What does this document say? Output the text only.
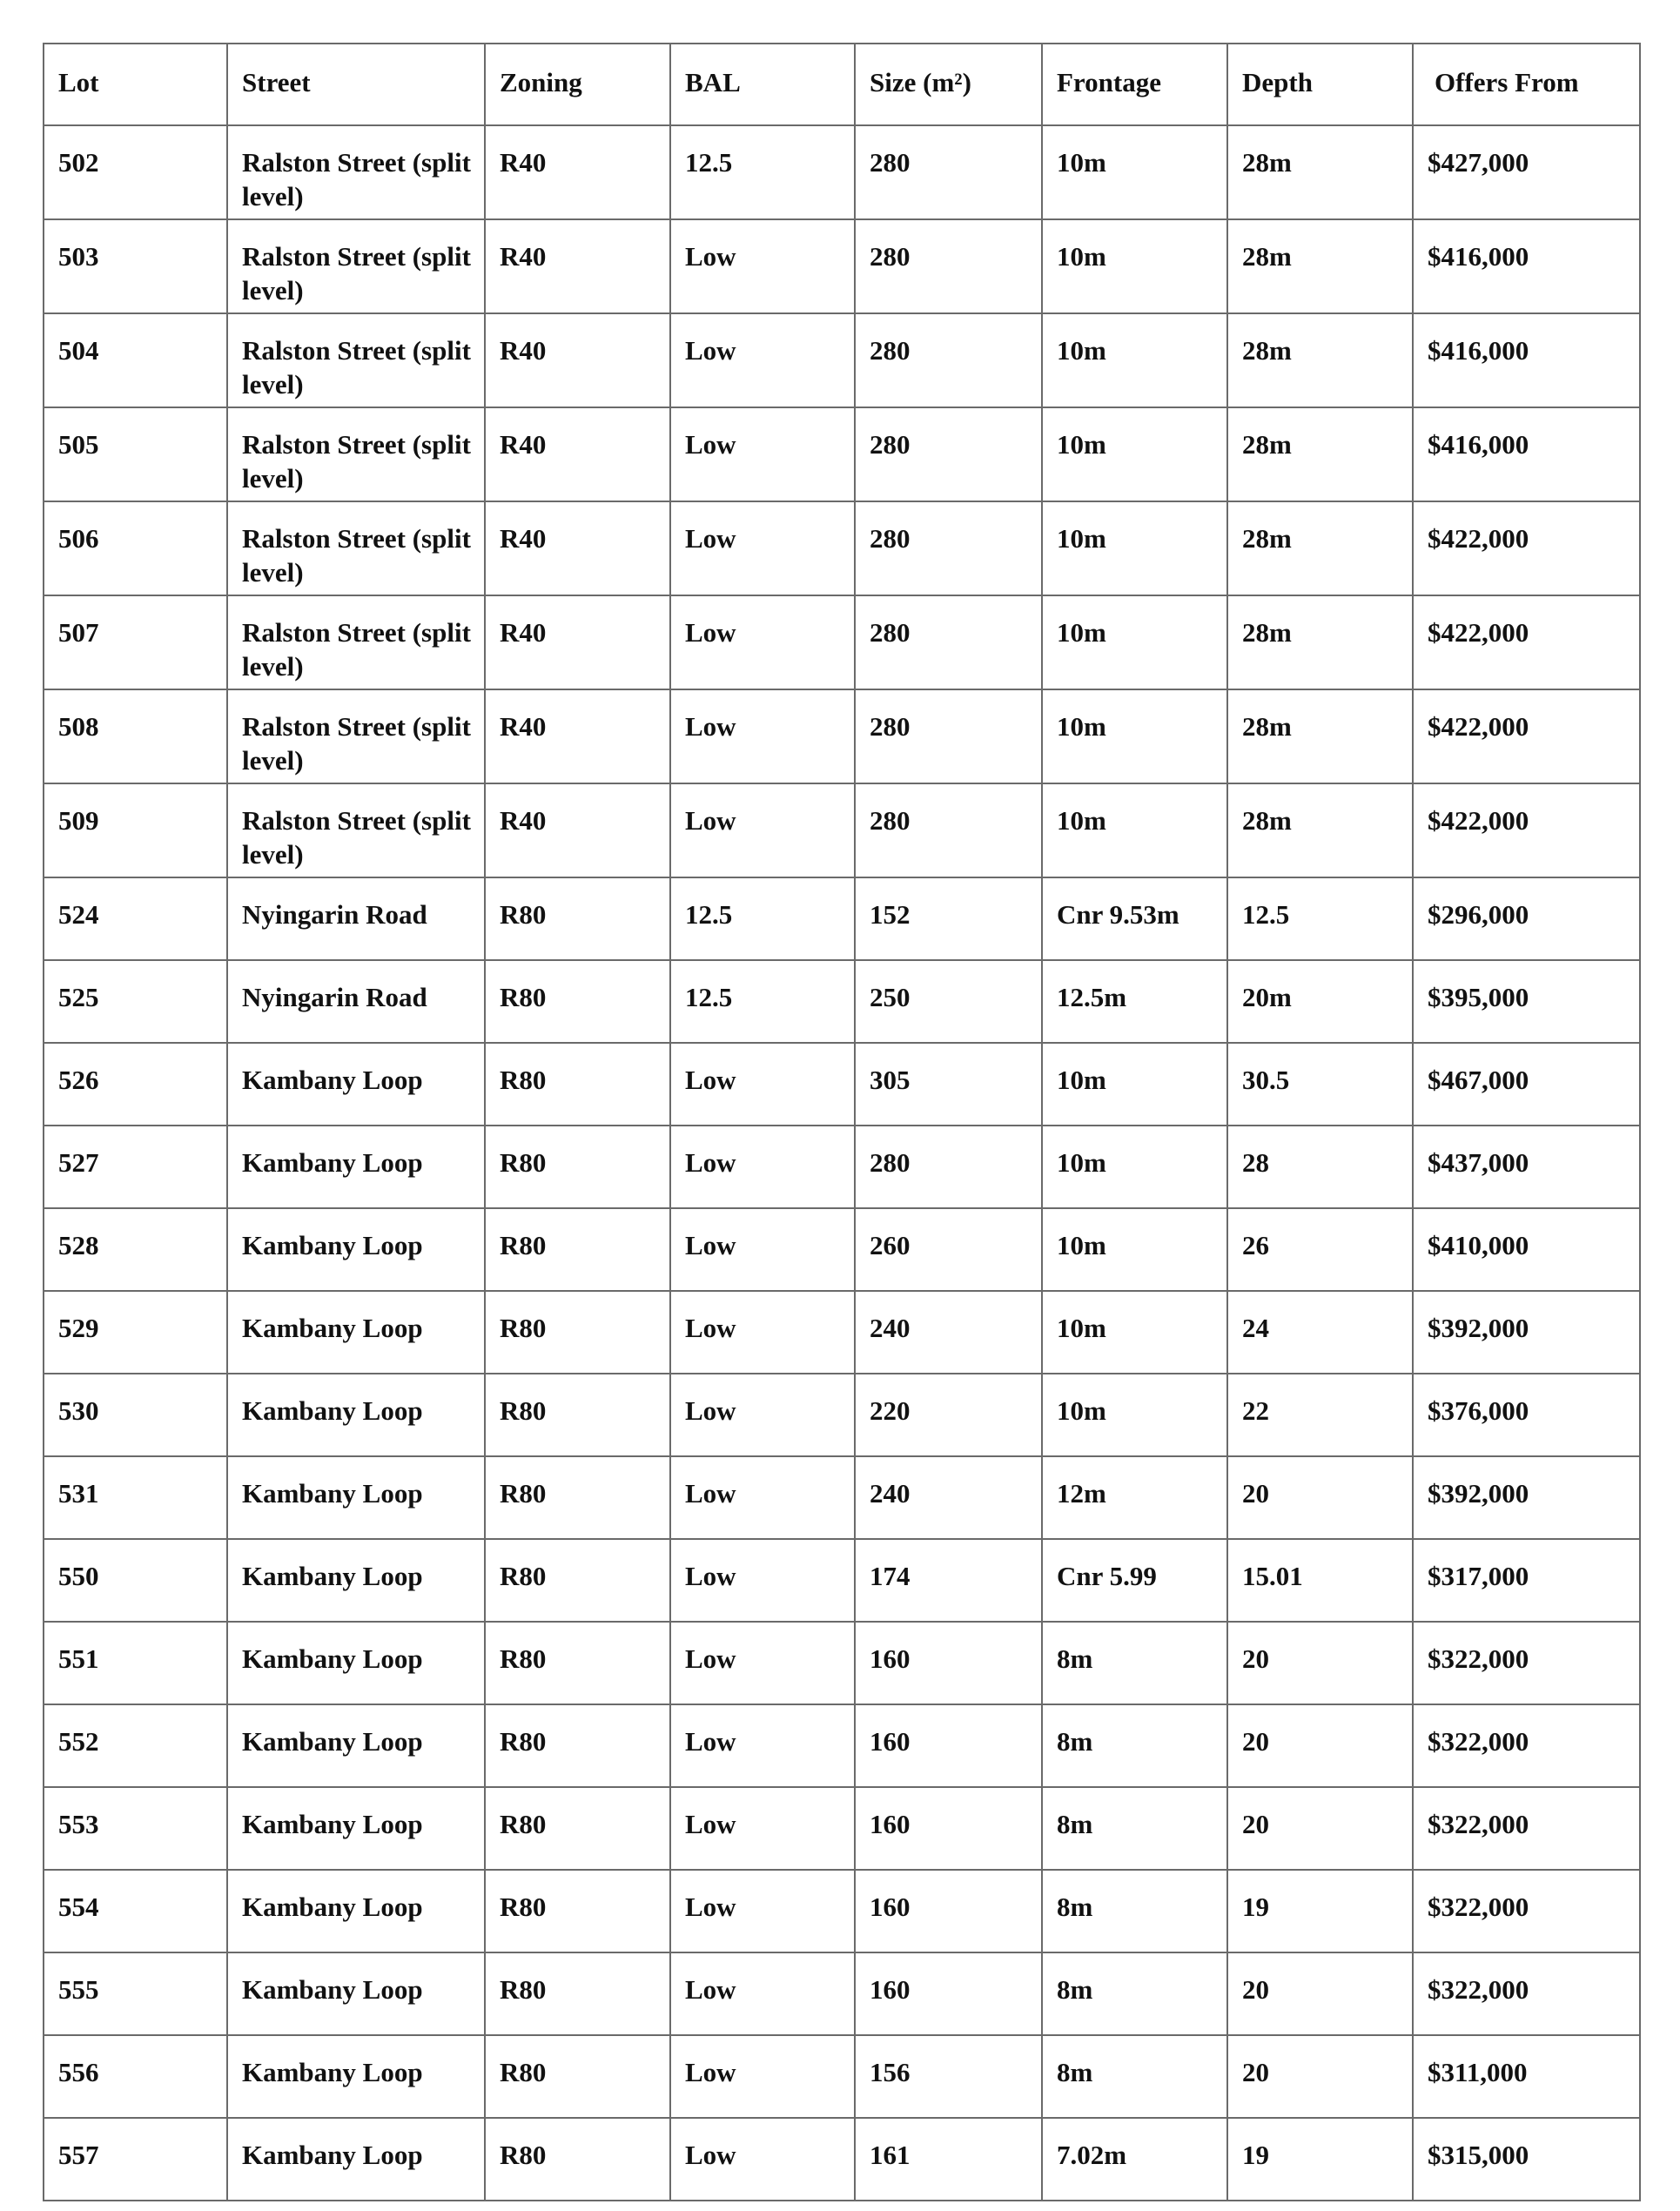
Lot	Street	Zoning	BAL	Size (m²)	Frontage	Depth	Offers From
502	Ralston Street (split level)	R40	12.5	280	10m	28m	$427,000
503	Ralston Street (split level)	R40	Low	280	10m	28m	$416,000
504	Ralston Street (split level)	R40	Low	280	10m	28m	$416,000
505	Ralston Street (split level)	R40	Low	280	10m	28m	$416,000
506	Ralston Street (split level)	R40	Low	280	10m	28m	$422,000
507	Ralston Street (split level)	R40	Low	280	10m	28m	$422,000
508	Ralston Street (split level)	R40	Low	280	10m	28m	$422,000
509	Ralston Street (split level)	R40	Low	280	10m	28m	$422,000
524	Nyingarin Road	R80	12.5	152	Cnr 9.53m	12.5	$296,000
525	Nyingarin Road	R80	12.5	250	12.5m	20m	$395,000
526	Kambany Loop	R80	Low	305	10m	30.5	$467,000
527	Kambany Loop	R80	Low	280	10m	28	$437,000
528	Kambany Loop	R80	Low	260	10m	26	$410,000
529	Kambany Loop	R80	Low	240	10m	24	$392,000
530	Kambany Loop	R80	Low	220	10m	22	$376,000
531	Kambany Loop	R80	Low	240	12m	20	$392,000
550	Kambany Loop	R80	Low	174	Cnr 5.99	15.01	$317,000
551	Kambany Loop	R80	Low	160	8m	20	$322,000
552	Kambany Loop	R80	Low	160	8m	20	$322,000
553	Kambany Loop	R80	Low	160	8m	20	$322,000
554	Kambany Loop	R80	Low	160	8m	19	$322,000
555	Kambany Loop	R80	Low	160	8m	20	$322,000
556	Kambany Loop	R80	Low	156	8m	20	$311,000
557	Kambany Loop	R80	Low	161	7.02m	19	$315,000
